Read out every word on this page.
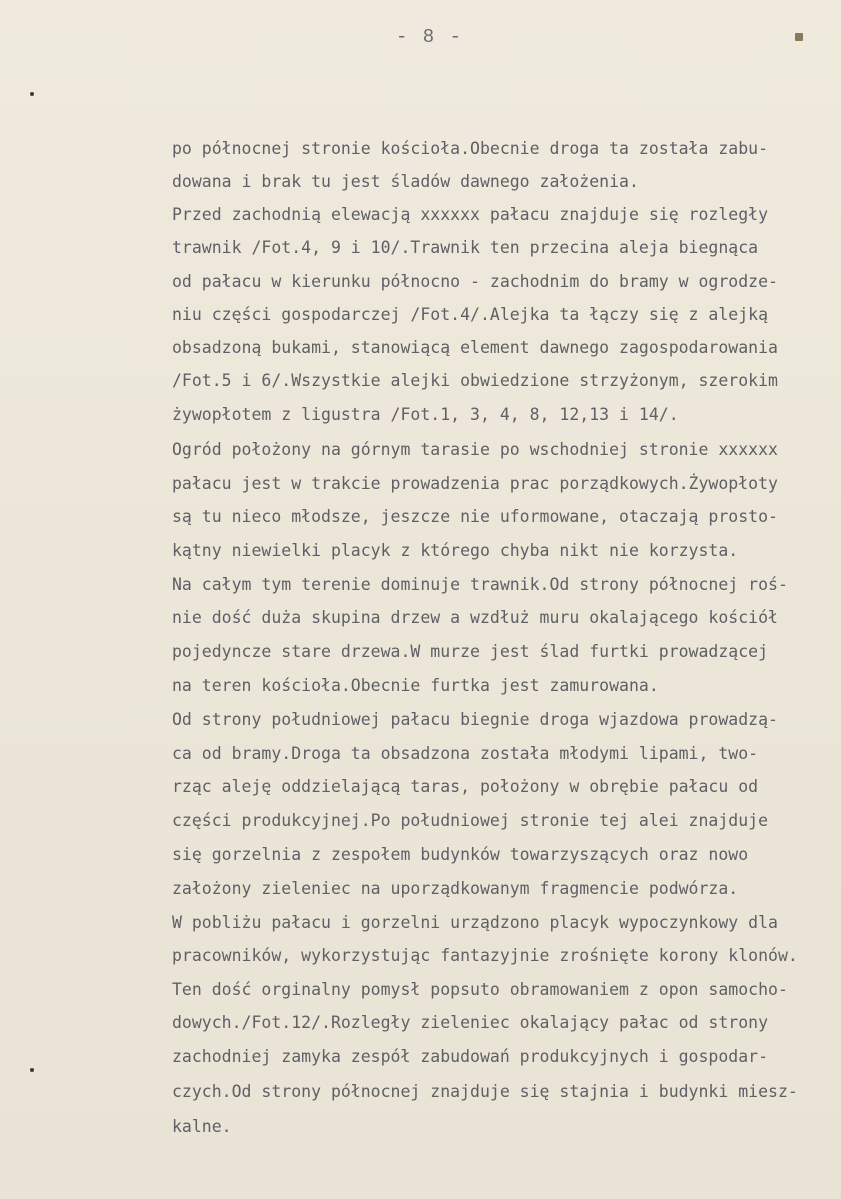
- 8 -
po północnej stronie kościoła.Obecnie droga ta została zabu-
dowana i brak tu jest śladów dawnego założenia.
Przed zachodnią elewacją xxxxxx pałacu znajduje się rozległy
trawnik /Fot.4, 9 i 10/.Trawnik ten przecina aleja biegnąca
od pałacu w kierunku północno - zachodnim do bramy w ogrodze-
niu części gospodarczej /Fot.4/.Alejka ta łączy się z alejką
obsadzoną bukami, stanowiącą element dawnego zagospodarowania
/Fot.5 i 6/.Wszystkie alejki obwiedzione strzyżonym, szerokim
żywopłotem z ligustra /Fot.1, 3, 4, 8, 12,13 i 14/.
Ogród położony na górnym tarasie po wschodniej stronie xxxxxx
pałacu jest w trakcie prowadzenia prac porządkowych.Żywopłoty
są tu nieco młodsze, jeszcze nie uformowane, otaczają prosto-
kątny niewielki placyk z którego chyba nikt nie korzysta.
Na całym tym terenie dominuje trawnik.Od strony północnej roś-
nie dość duża skupina drzew a wzdłuż muru okalającego kościół
pojedyncze stare drzewa.W murze jest ślad furtki prowadzącej
na teren kościoła.Obecnie furtka jest zamurowana.
Od strony południowej pałacu biegnie droga wjazdowa prowadzą-
ca od bramy.Droga ta obsadzona została młodymi lipami, two-
rząc aleję oddzielającą taras, położony w obrębie pałacu od
części produkcyjnej.Po południowej stronie tej alei znajduje
się gorzelnia z zespołem budynków towarzyszących oraz nowo
założony zieleniec na uporządkowanym fragmencie podwórza.
W pobliżu pałacu i gorzelni urządzono placyk wypoczynkowy dla
pracowników, wykorzystując fantazyjnie zrośnięte korony klonów.
Ten dość orginalny pomysł popsuto obramowaniem z opon samocho-
dowych./Fot.12/.Rozległy zieleniec okalający pałac od strony
zachodniej zamyka zespół zabudowań produkcyjnych i gospodar-
czych.Od strony północnej znajduje się stajnia i budynki miesz-
kalne.
